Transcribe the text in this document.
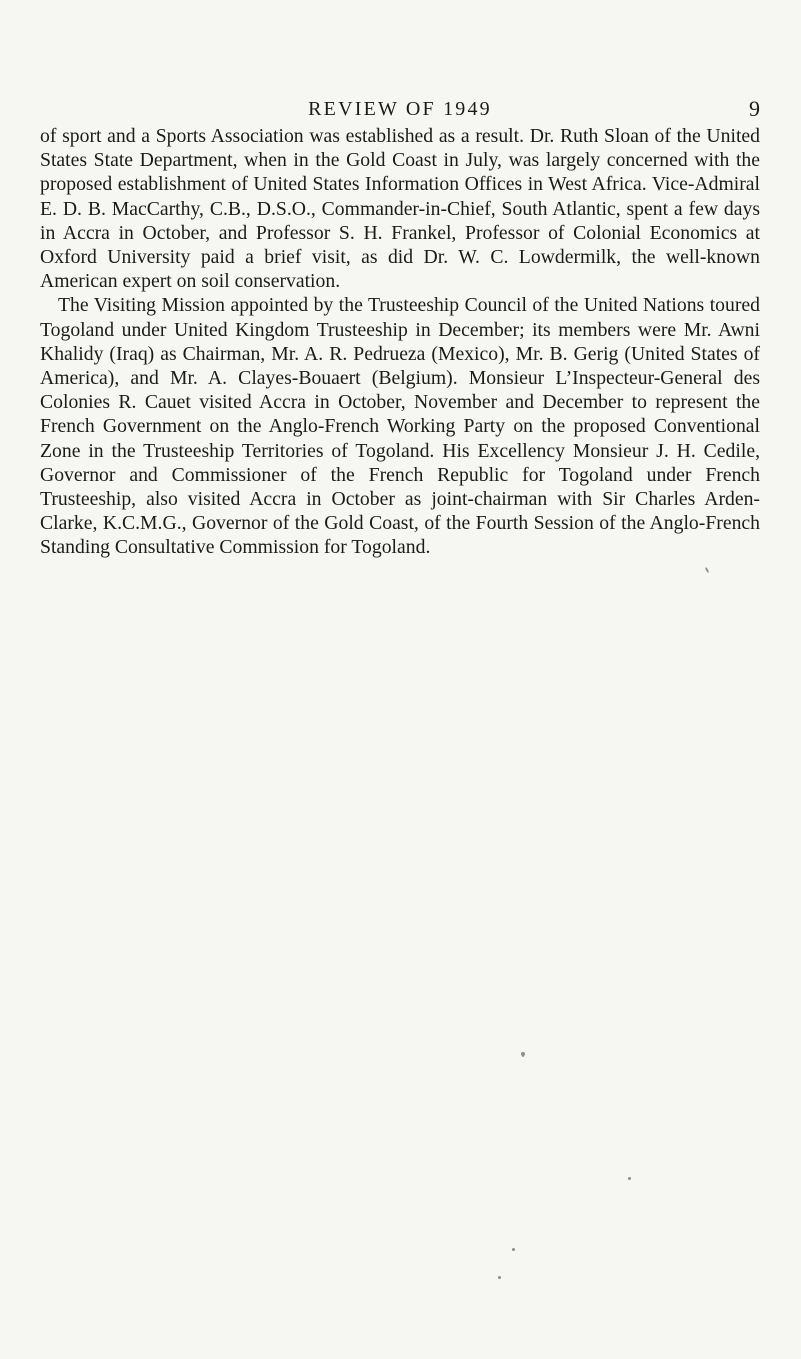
REVIEW OF 1949	9

of sport and a Sports Association was established as a result. Dr. Ruth Sloan of the United States State Department, when in the Gold Coast in July, was largely concerned with the proposed establishment of United States Information Offices in West Africa. Vice-Admiral E. D. B. MacCarthy, C.B., D.S.O., Commander-in-Chief, South Atlantic, spent a few days in Accra in October, and Professor S. H. Frankel, Professor of Colonial Economics at Oxford University paid a brief visit, as did Dr. W. C. Lowdermilk, the well-known American expert on soil conservation.

The Visiting Mission appointed by the Trusteeship Council of the United Nations toured Togoland under United Kingdom Trusteeship in December; its members were Mr. Awni Khalidy (Iraq) as Chairman, Mr. A. R. Pedrueza (Mexico), Mr. B. Gerig (United States of America), and Mr. A. Clayes-Bouaert (Belgium). Monsieur L’Inspecteur-General des Colonies R. Cauet visited Accra in October, November and December to represent the French Government on the Anglo-French Working Party on the proposed Conventional Zone in the Trusteeship Territories of Togoland. His Excellency Monsieur J. H. Cedile, Governor and Commissioner of the French Republic for Togoland under French Trusteeship, also visited Accra in October as joint-chairman with Sir Charles Arden-Clarke, K.C.M.G., Governor of the Gold Coast, of the Fourth Session of the Anglo-French Standing Consultative Commission for Togoland.
